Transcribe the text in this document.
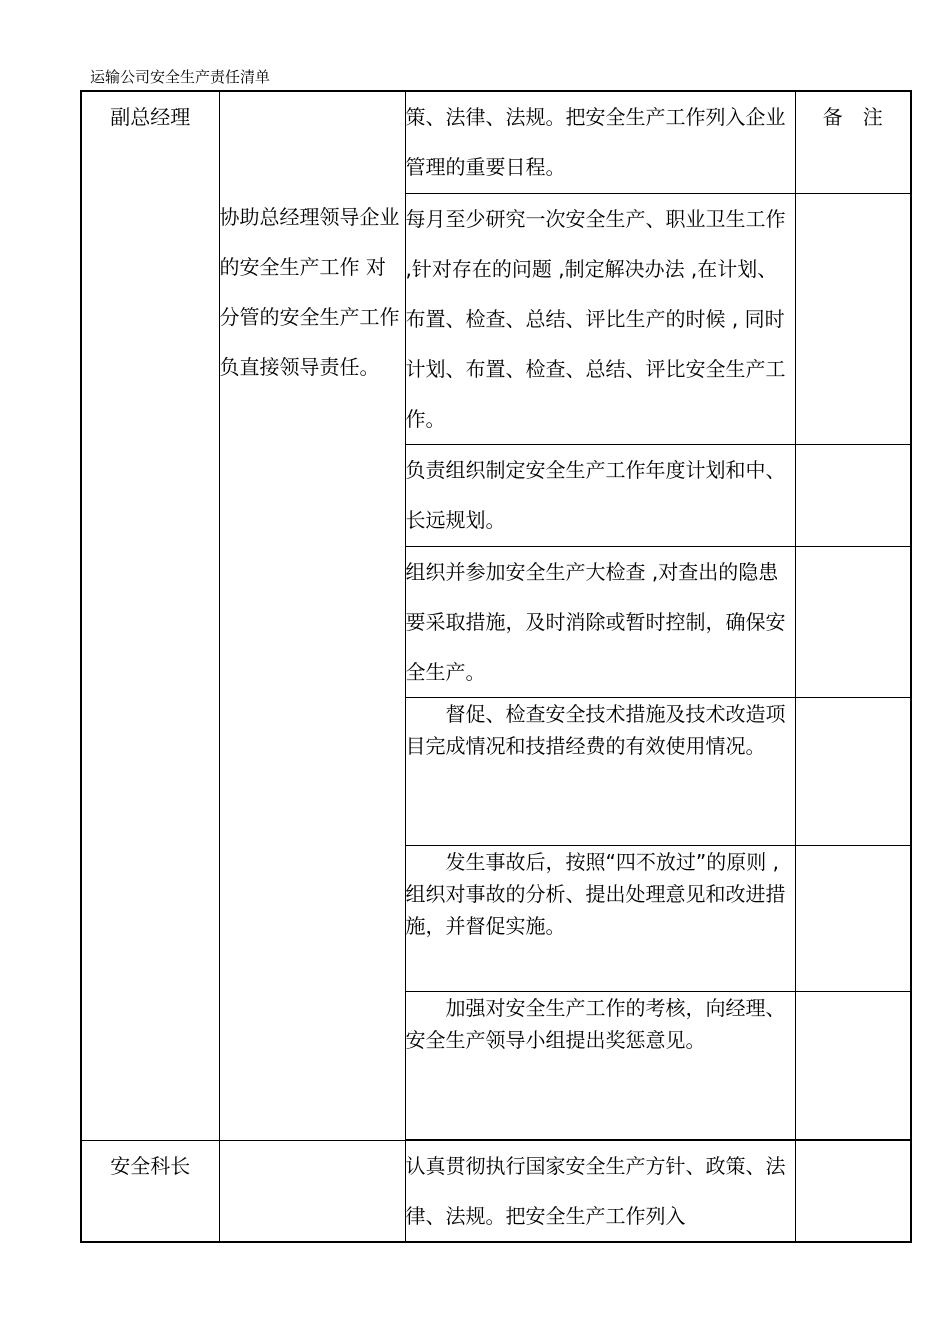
运输公司安全生产责任清单
副总经理	协助总经理领导企业的安全生产工作 对分管的安全生产工作负直接领导责任。	策、法律、法规。把安全生产工作列入企业管理的重要日程。	备　注
		每月至少研究一次安全生产、职业卫生工作 ,针对存在的问题 ,制定解决办法 ,在计划、布置、检查、总结、评比生产的时候 , 同时计划、布置、检查、总结、评比安全生产工作。	
		负责组织制定安全生产工作年度计划和中、长远规划。	
		组织并参加安全生产大检查 ,对查出的隐患要采取措施，及时消除或暂时控制，确保安全生产。	

		督促、检查安全技术措施及技术改造项目完成情况和技措经费的有效使用情况。	

		发生事故后，按照“四不放过”的原则 ,组织对事故的分析、提出处理意见和改进措施，并督促实施。	

		加强对安全生产工作的考核，向经理、安全生产领导小组提出奖惩意见。	

安全科长		认真贯彻执行国家安全生产方针、政策、法律、法规。把安全生产工作列入	
